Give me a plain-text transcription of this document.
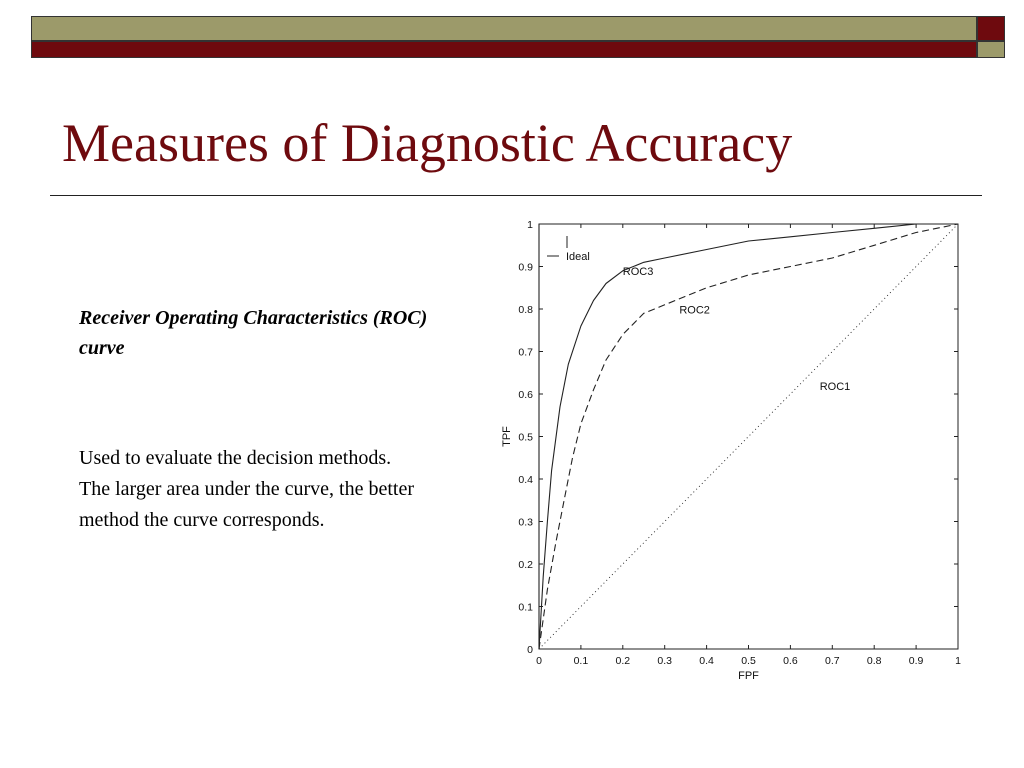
Measures of Diagnostic Accuracy

Receiver Operating Characteristics (ROC) curve

Used to evaluate the decision methods. The larger area under the curve, the better method the curve corresponds.

0	0.1	0.2	0.3	0.4	0.5	0.6	0.7	0.8	0.9	1
0
0.1
0.2
0.3
0.4
0.5
0.6
0.7
0.8
0.9
1
FPF
TPF
Ideal
ROC3
ROC2
ROC1
